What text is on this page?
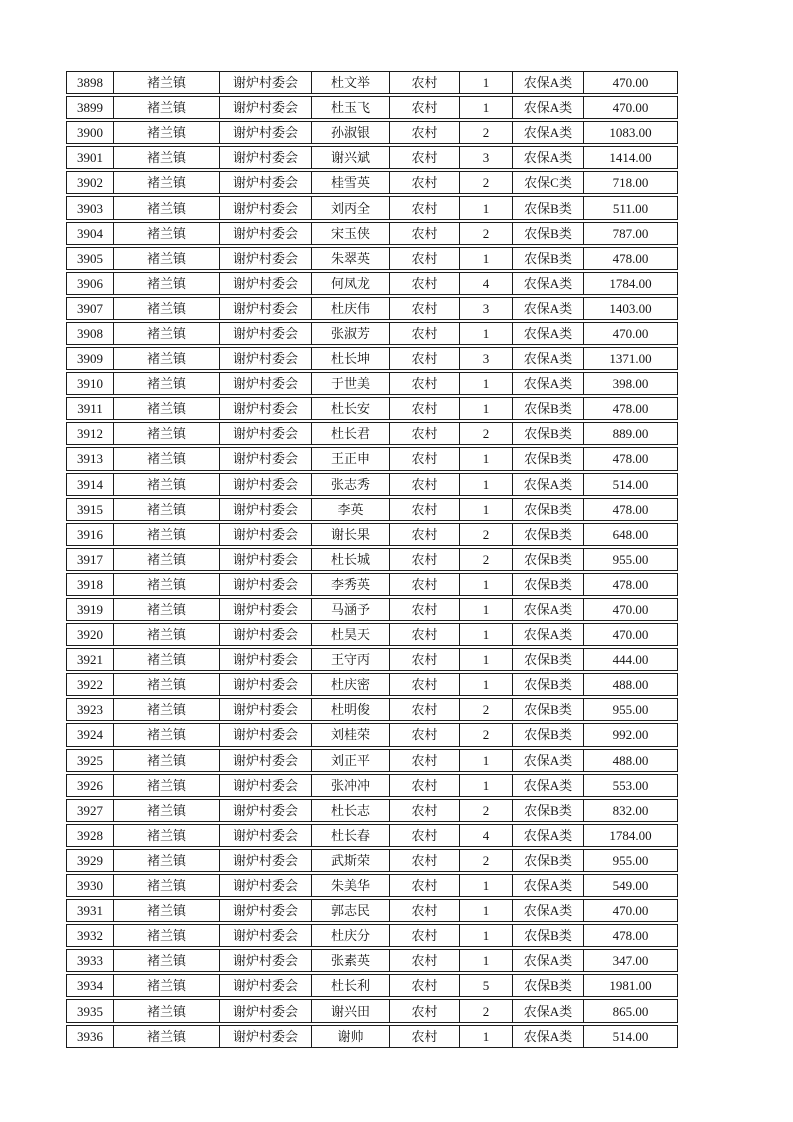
3898	褚兰镇	谢炉村委会	杜文举	农村	1	农保A类	470.00
3899	褚兰镇	谢炉村委会	杜玉飞	农村	1	农保A类	470.00
3900	褚兰镇	谢炉村委会	孙淑银	农村	2	农保A类	1083.00
3901	褚兰镇	谢炉村委会	谢兴斌	农村	3	农保A类	1414.00
3902	褚兰镇	谢炉村委会	桂雪英	农村	2	农保C类	718.00
3903	褚兰镇	谢炉村委会	刘丙全	农村	1	农保B类	511.00
3904	褚兰镇	谢炉村委会	宋玉侠	农村	2	农保B类	787.00
3905	褚兰镇	谢炉村委会	朱翠英	农村	1	农保B类	478.00
3906	褚兰镇	谢炉村委会	何凤龙	农村	4	农保A类	1784.00
3907	褚兰镇	谢炉村委会	杜庆伟	农村	3	农保A类	1403.00
3908	褚兰镇	谢炉村委会	张淑芳	农村	1	农保A类	470.00
3909	褚兰镇	谢炉村委会	杜长坤	农村	3	农保A类	1371.00
3910	褚兰镇	谢炉村委会	于世美	农村	1	农保A类	398.00
3911	褚兰镇	谢炉村委会	杜长安	农村	1	农保B类	478.00
3912	褚兰镇	谢炉村委会	杜长君	农村	2	农保B类	889.00
3913	褚兰镇	谢炉村委会	王正申	农村	1	农保B类	478.00
3914	褚兰镇	谢炉村委会	张志秀	农村	1	农保A类	514.00
3915	褚兰镇	谢炉村委会	李英	农村	1	农保B类	478.00
3916	褚兰镇	谢炉村委会	谢长果	农村	2	农保B类	648.00
3917	褚兰镇	谢炉村委会	杜长城	农村	2	农保B类	955.00
3918	褚兰镇	谢炉村委会	李秀英	农村	1	农保B类	478.00
3919	褚兰镇	谢炉村委会	马涵予	农村	1	农保A类	470.00
3920	褚兰镇	谢炉村委会	杜昊天	农村	1	农保A类	470.00
3921	褚兰镇	谢炉村委会	王守丙	农村	1	农保B类	444.00
3922	褚兰镇	谢炉村委会	杜庆密	农村	1	农保B类	488.00
3923	褚兰镇	谢炉村委会	杜明俊	农村	2	农保B类	955.00
3924	褚兰镇	谢炉村委会	刘桂荣	农村	2	农保B类	992.00
3925	褚兰镇	谢炉村委会	刘正平	农村	1	农保A类	488.00
3926	褚兰镇	谢炉村委会	张冲冲	农村	1	农保A类	553.00
3927	褚兰镇	谢炉村委会	杜长志	农村	2	农保B类	832.00
3928	褚兰镇	谢炉村委会	杜长春	农村	4	农保A类	1784.00
3929	褚兰镇	谢炉村委会	武斯荣	农村	2	农保B类	955.00
3930	褚兰镇	谢炉村委会	朱美华	农村	1	农保A类	549.00
3931	褚兰镇	谢炉村委会	郭志民	农村	1	农保A类	470.00
3932	褚兰镇	谢炉村委会	杜庆分	农村	1	农保B类	478.00
3933	褚兰镇	谢炉村委会	张素英	农村	1	农保A类	347.00
3934	褚兰镇	谢炉村委会	杜长利	农村	5	农保B类	1981.00
3935	褚兰镇	谢炉村委会	谢兴田	农村	2	农保A类	865.00
3936	褚兰镇	谢炉村委会	谢帅	农村	1	农保A类	514.00
